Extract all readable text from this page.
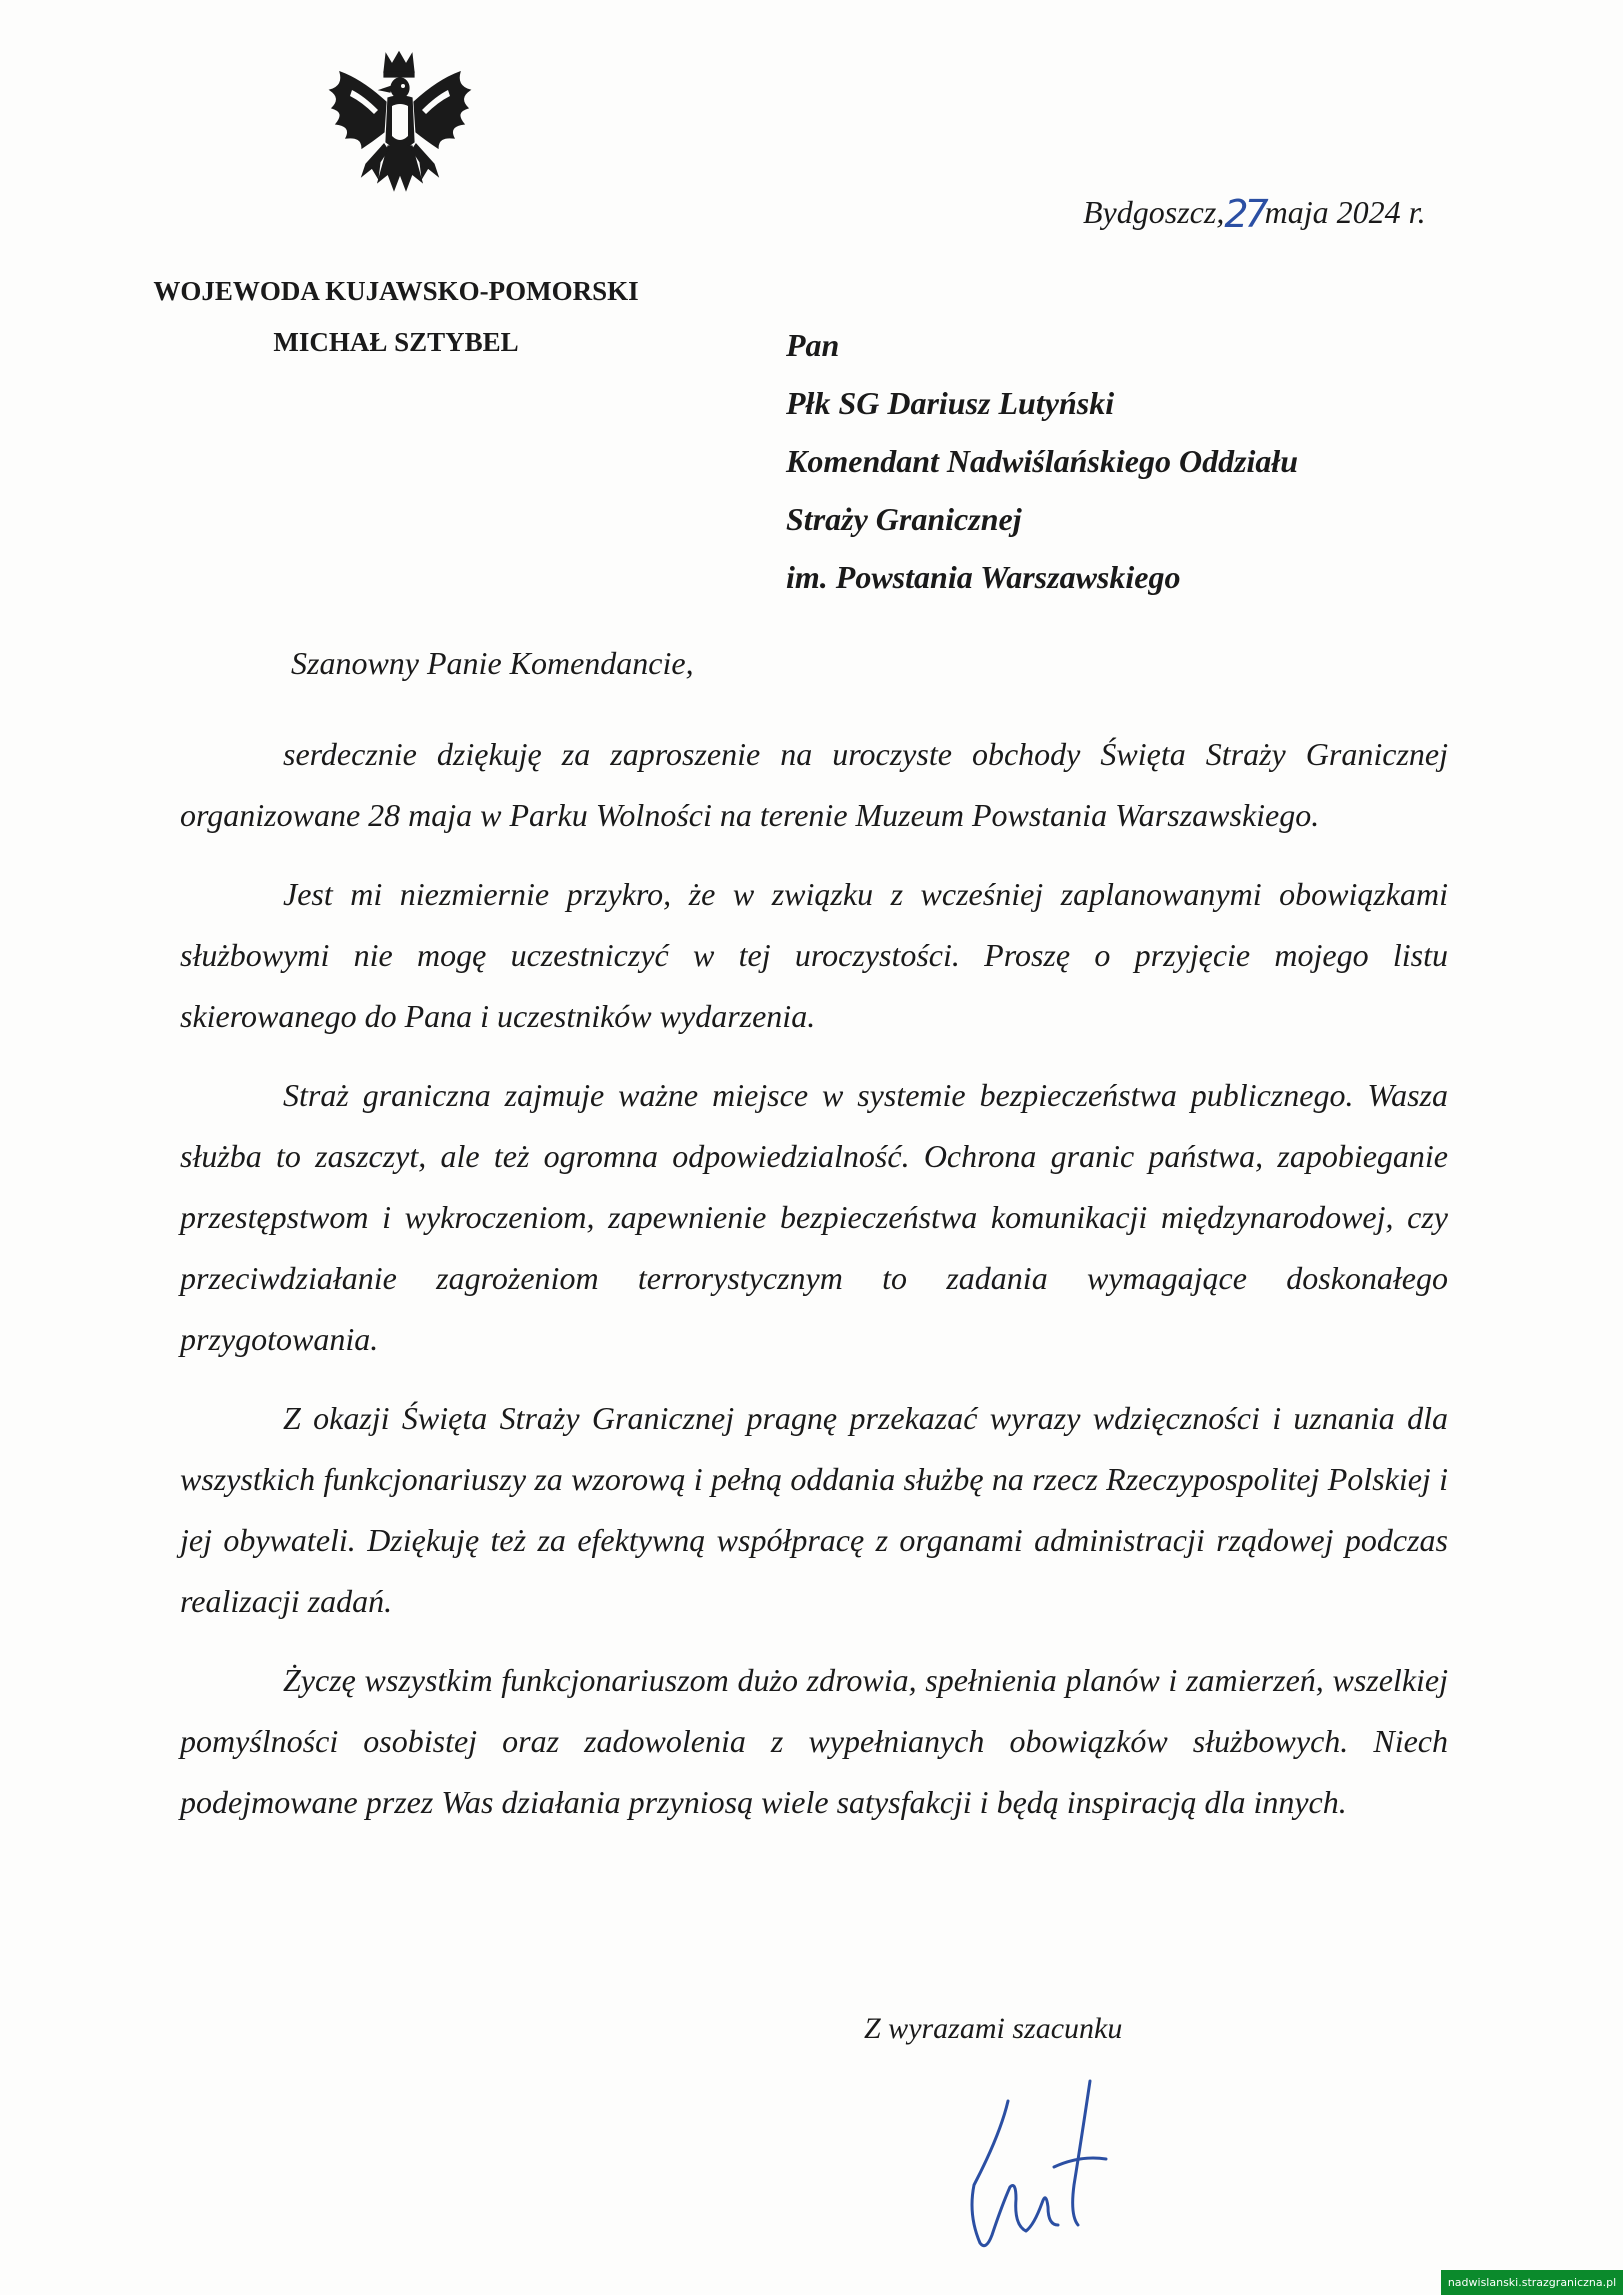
Bydgoszcz,27maja 2024 r.
WOJEWODA KUJAWSKO-POMORSKI
MICHAŁ SZTYBEL	Pan
Płk SG Dariusz Lutyński
Komendant Nadwiślańskiego Oddziału
Straży Granicznej
im. Powstania Warszawskiego
Szanowny Panie Komendancie,

serdecznie dziękuję za zaproszenie na uroczyste obchody Święta Straży Granicznej organizowane 28 maja w Parku Wolności na terenie Muzeum Powstania Warszawskiego.

Jest mi niezmiernie przykro, że w związku z wcześniej zaplanowanymi obowiązkami służbowymi nie mogę uczestniczyć w tej uroczystości. Proszę o przyjęcie mojego listu skierowanego do Pana i uczestników wydarzenia.

Straż graniczna zajmuje ważne miejsce w systemie bezpieczeństwa publicznego. Wasza służba to zaszczyt, ale też ogromna odpowiedzialność. Ochrona granic państwa, zapobieganie przestępstwom i wykroczeniom, zapewnienie bezpieczeństwa komunikacji międzynarodowej, czy przeciwdziałanie zagrożeniom terrorystycznym to zadania wymagające doskonałego przygotowania.

Z okazji Święta Straży Granicznej pragnę przekazać wyrazy wdzięczności i uznania dla wszystkich funkcjonariuszy za wzorową i pełną oddania służbę na rzecz Rzeczypospolitej Polskiej i jej obywateli. Dziękuję też za efektywną współpracę z organami administracji rządowej podczas realizacji zadań.

Życzę wszystkim funkcjonariuszom dużo zdrowia, spełnienia planów i zamierzeń, wszelkiej pomyślności osobistej oraz zadowolenia z wypełnianych obowiązków służbowych. Niech podejmowane przez Was działania przyniosą wiele satysfakcji i będą inspiracją dla innych.

Z wyrazami szacunku
nadwislanski.strazgraniczna.pl
